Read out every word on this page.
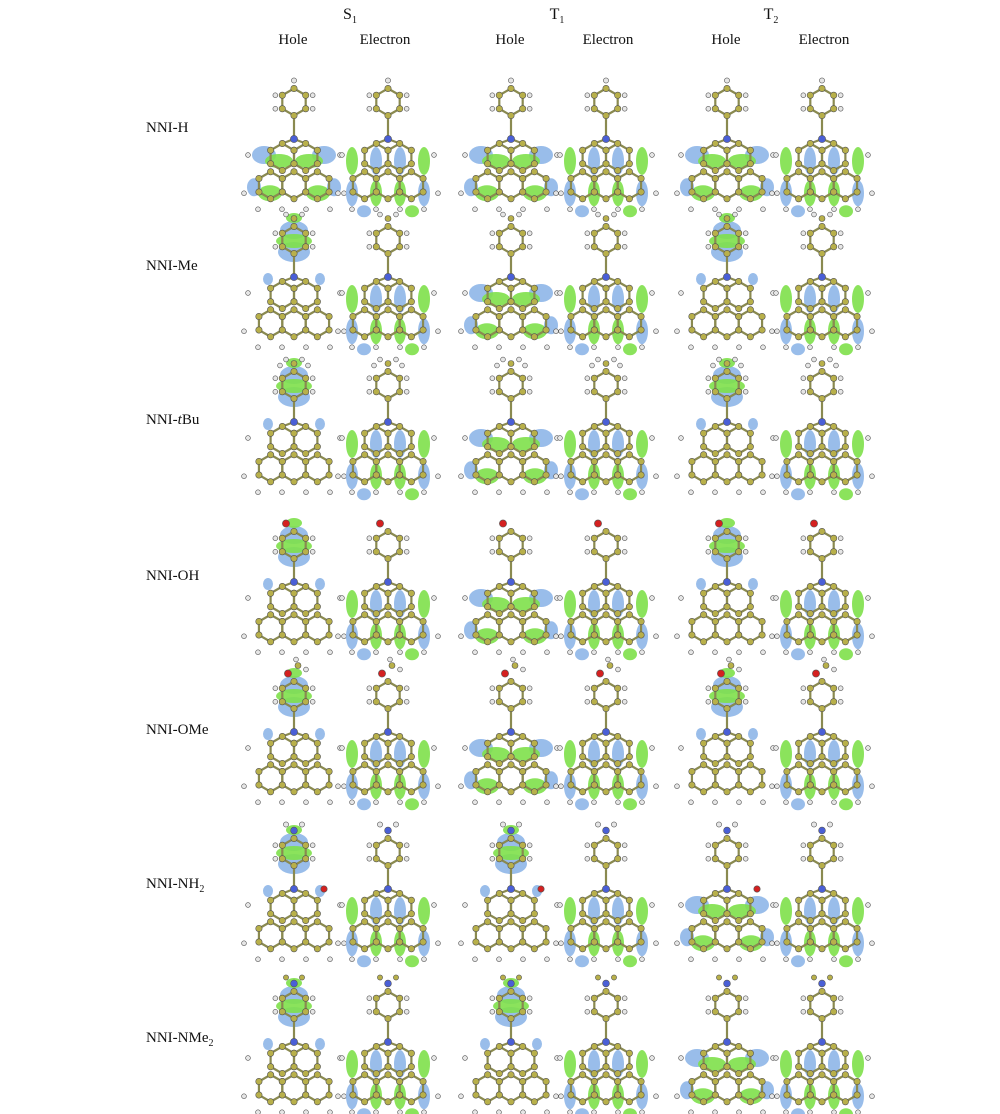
$S_1$	$T_1$	$T_2$
Hole	Electron	Hole	Electron	Hole	Electron
NNI-H
NNI-Me
NNI-tBu
NNI-OH
NNI-OMe
NNI-$NH_2$
NNI-NMe$_2$
